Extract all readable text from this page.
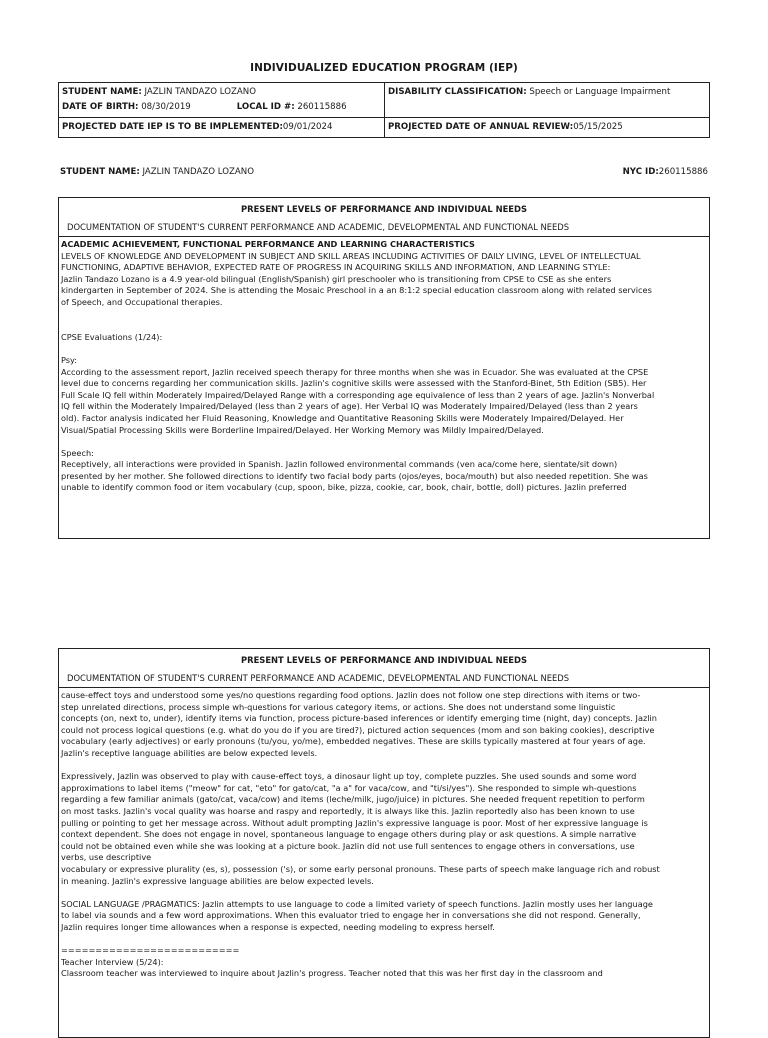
INDIVIDUALIZED EDUCATION PROGRAM (IEP)
STUDENT NAME: JAZLIN TANDAZO LOZANO
DATE OF BIRTH: 08/30/2019 LOCAL ID #: 260115886	DISABILITY CLASSIFICATION: Speech or Language Impairment
PROJECTED DATE IEP IS TO BE IMPLEMENTED:09/01/2024	PROJECTED DATE OF ANNUAL REVIEW:05/15/2025
STUDENT NAME: JAZLIN TANDAZO LOZANO	NYC ID:260115886
PRESENT LEVELS OF PERFORMANCE AND INDIVIDUAL NEEDS
DOCUMENTATION OF STUDENT'S CURRENT PERFORMANCE AND ACADEMIC, DEVELOPMENTAL AND FUNCTIONAL NEEDS

ACADEMIC ACHIEVEMENT, FUNCTIONAL PERFORMANCE AND LEARNING CHARACTERISTICS

LEVELS OF KNOWLEDGE AND DEVELOPMENT IN SUBJECT AND SKILL AREAS INCLUDING ACTIVITIES OF DAILY LIVING, LEVEL OF INTELLECTUAL

FUNCTIONING, ADAPTIVE BEHAVIOR, EXPECTED RATE OF PROGRESS IN ACQUIRING SKILLS AND INFORMATION, AND LEARNING STYLE:

Jazlin Tandazo Lozano is a 4.9 year-old bilingual (English/Spanish) girl preschooler who is transitioning from CPSE to CSE as she enters

kindergarten in September of 2024. She is attending the Mosaic Preschool in a an 8:1:2 special education classroom along with related services

of Speech, and Occupational therapies.

CPSE Evaluations (1/24):

Psy:

According to the assessment report, Jazlin received speech therapy for three months when she was in Ecuador. She was evaluated at the CPSE

level due to concerns regarding her communication skills. Jazlin's cognitive skills were assessed with the Stanford-Binet, 5th Edition (SB5). Her

Full Scale IQ fell within Moderately Impaired/Delayed Range with a corresponding age equivalence of less than 2 years of age. Jazlin's Nonverbal

IQ fell within the Moderately Impaired/Delayed (less than 2 years of age). Her Verbal IQ was Moderately Impaired/Delayed (less than 2 years

old). Factor analysis indicated her Fluid Reasoning, Knowledge and Quantitative Reasoning Skills were Moderately Impaired/Delayed. Her

Visual/Spatial Processing Skills were Borderline Impaired/Delayed. Her Working Memory was Mildly Impaired/Delayed.

Speech:

Receptively, all interactions were provided in Spanish. Jazlin followed environmental commands (ven aca/come here, sientate/sit down)

presented by her mother. She followed directions to identify two facial body parts (ojos/eyes, boca/mouth) but also needed repetition. She was

unable to identify common food or item vocabulary (cup, spoon, bike, pizza, cookie, car, book, chair, bottle, doll) pictures. Jazlin preferred

PRESENT LEVELS OF PERFORMANCE AND INDIVIDUAL NEEDS
DOCUMENTATION OF STUDENT'S CURRENT PERFORMANCE AND ACADEMIC, DEVELOPMENTAL AND FUNCTIONAL NEEDS

cause-effect toys and understood some yes/no questions regarding food options. Jazlin does not follow one step directions with items or two-

step unrelated directions, process simple wh-questions for various category items, or actions. She does not understand some linguistic

concepts (on, next to, under), identify items via function, process picture-based inferences or identify emerging time (night, day) concepts. Jazlin

could not process logical questions (e.g. what do you do if you are tired?), pictured action sequences (mom and son baking cookies), descriptive

vocabulary (early adjectives) or early pronouns (tu/you, yo/me), embedded negatives. These are skills typically mastered at four years of age.

Jazlin's receptive language abilities are below expected levels.

Expressively, Jazlin was observed to play with cause-effect toys, a dinosaur light up toy, complete puzzles. She used sounds and some word

approximations to label items ("meow" for cat, "eto" for gato/cat, "a a" for vaca/cow, and "ti/si/yes"). She responded to simple wh-questions

regarding a few familiar animals (gato/cat, vaca/cow) and items (leche/milk, jugo/juice) in pictures. She needed frequent repetition to perform

on most tasks. Jazlin's vocal quality was hoarse and raspy and reportedly, it is always like this. Jazlin reportedly also has been known to use

pulling or pointing to get her message across. Without adult prompting Jazlin's expressive language is poor. Most of her expressive language is

context dependent. She does not engage in novel, spontaneous language to engage others during play or ask questions. A simple narrative

could not be obtained even while she was looking at a picture book. Jazlin did not use full sentences to engage others in conversations, use

verbs, use descriptive

vocabulary or expressive plurality (es, s), possession ('s), or some early personal pronouns. These parts of speech make language rich and robust

in meaning. Jazlin's expressive language abilities are below expected levels.

SOCIAL LANGUAGE /PRAGMATICS: Jazlin attempts to use language to code a limited variety of speech functions. Jazlin mostly uses her language

to label via sounds and a few word approximations. When this evaluator tried to engage her in conversations she did not respond. Generally,

Jazlin requires longer time allowances when a response is expected, needing modeling to express herself.

==========================

Teacher Interview (5/24):

Classroom teacher was interviewed to inquire about Jazlin's progress. Teacher noted that this was her first day in the classroom and
